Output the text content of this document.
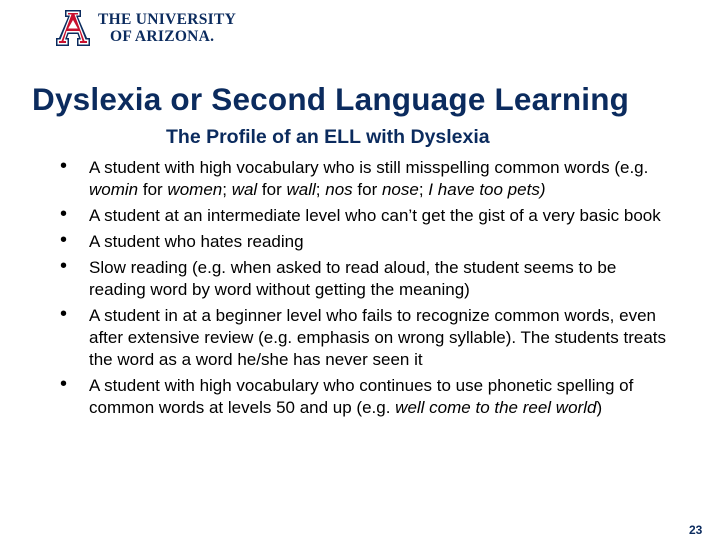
THE UNIVERSITY
OF ARIZONA.
Dyslexia or Second Language Learning
The Profile of an ELL with Dyslexia
• A student with high vocabulary who is still misspelling common words (e.g. womin for women; wal for wall; nos for nose; I have too pets)
• A student at an intermediate level who can’t get the gist of a very basic book
• A student who hates reading
• Slow reading (e.g. when asked to read aloud, the student seems to be reading word by word without getting the meaning)
• A student in at a beginner level who fails to recognize common words, even after extensive review (e.g. emphasis on wrong syllable). The students treats the word as a word he/she has never seen it
• A student with high vocabulary who continues to use phonetic spelling of common words at levels 50 and up (e.g. well come to the reel world)
23
